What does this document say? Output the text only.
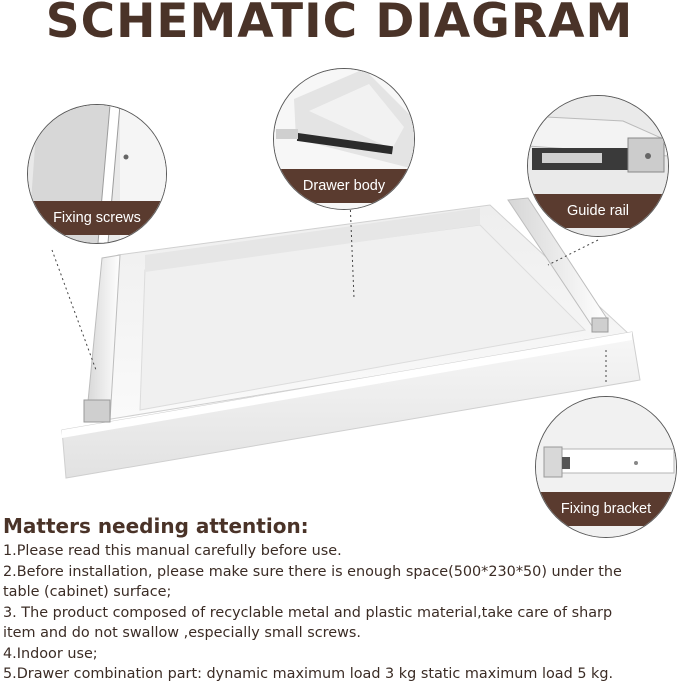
SCHEMATIC DIAGRAM
Fixing screws
Drawer body
Guide rail
Fixing bracket
Matters needing attention:
1.Please read this manual carefully before use.
2.Before installation, please make sure there is enough space(500*230*50) under the
table (cabinet) surface;
3. The product composed of recyclable metal and plastic material,take care of sharp
item and do not swallow ,especially small screws.
4.Indoor use;
5.Drawer combination part: dynamic maximum load 3 kg static maximum load 5 kg.
